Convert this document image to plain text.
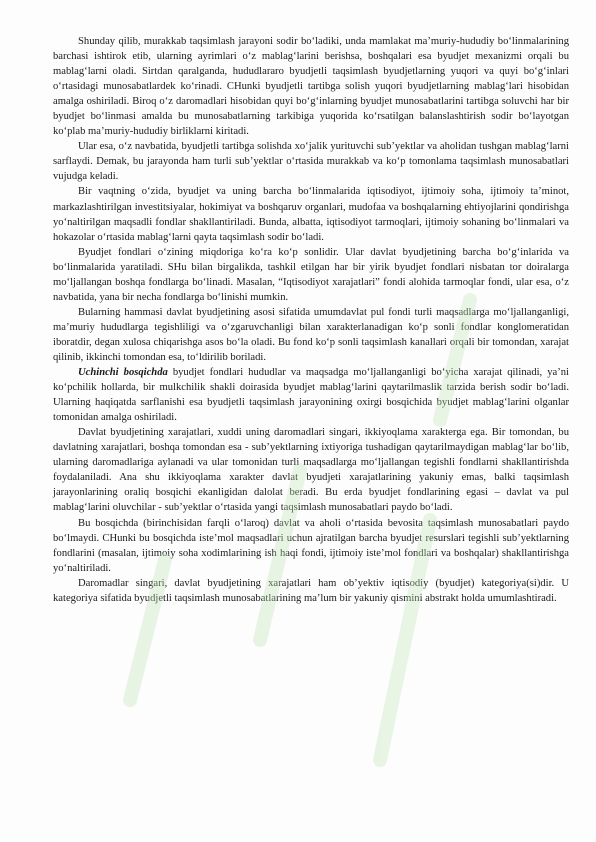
Shunday qilib, murakkab taqsimlash jarayoni sodir bo‘ladiki, unda mamlakat ma’muriy-hududiy bo‘linmalarining barchasi ishtirok etib, ularning ayrimlari o‘z mablag‘larini berishsa, boshqalari esa byudjet mexanizmi orqali bu mablag‘larni oladi. Sirtdan qaralganda, hududlararo byudjetli taqsimlash byudjetlarning yuqori va quyi bo‘g‘inlari o‘rtasidagi munosabatlardek ko‘rinadi. CHunki byudjetli tartibga solish yuqori byudjetlarning mablag‘lari hisobidan amalga oshiriladi. Biroq o‘z daromadlari hisobidan quyi bo‘g‘inlarning byudjet munosabatlarini tartibga soluvchi har bir byudjet bo‘linmasi amalda bu munosabatlarning tarkibiga yuqorida ko‘rsatilgan balanslashtirish sodir bo‘layotgan ko‘plab ma’muriy-hududiy birliklarni kiritadi.

Ular esa, o‘z navbatida, byudjetli tartibga solishda xo‘jalik yurituvchi sub’yektlar va aholidan tushgan mablag‘larni sarflaydi. Demak, bu jarayonda ham turli sub’yektlar o‘rtasida murakkab va ko‘p tomonlama taqsimlash munosabatlari vujudga keladi.

Bir vaqtning o‘zida, byudjet va uning barcha bo‘linmalarida iqtisodiyot, ijtimoiy soha, ijtimoiy ta’minot, markazlashtirilgan investitsiyalar, hokimiyat va boshqaruv organlari, mudofaa va boshqalarning ehtiyojlarini qondirishga yo‘naltirilgan maqsadli fondlar shakllantiriladi. Bunda, albatta, iqtisodiyot tarmoqlari, ijtimoiy sohaning bo‘linmalari va hokazolar o‘rtasida mablag‘larni qayta taqsimlash sodir bo‘ladi.

Byudjet fondlari o‘zining miqdoriga ko‘ra ko‘p sonlidir. Ular davlat byudjetining barcha bo‘g‘inlarida va bo‘linmalarida yaratiladi. SHu bilan birgalikda, tashkil etilgan har bir yirik byudjet fondlari nisbatan tor doiralarga mo‘ljallangan boshqa fondlarga bo‘linadi. Masalan, “Iqtisodiyot xarajatlari” fondi alohida tarmoqlar fondi, ular esa, o‘z navbatida, yana bir necha fondlarga bo‘linishi mumkin.

Bularning hammasi davlat byudjetining asosi sifatida umumdavlat pul fondi turli maqsadlarga mo‘ljallanganligi, ma’muriy hududlarga tegishliligi va o‘zgaruvchanligi bilan xarakterlanadigan ko‘p sonli fondlar konglomeratidan iboratdir, degan xulosa chiqarishga asos bo‘la oladi. Bu fond ko‘p sonli taqsimlash kanallari orqali bir tomondan, xarajat qilinib, ikkinchi tomondan esa, to‘ldirilib boriladi.

Uchinchi bosqichda byudjet fondlari hududlar va maqsadga mo‘ljallanganligi bo‘yicha xarajat qilinadi, ya’ni ko‘pchilik hollarda, bir mulkchilik shakli doirasida byudjet mablag‘larini qaytarilmaslik tarzida berish sodir bo‘ladi. Ularning haqiqatda sarflanishi esa byudjetli taqsimlash jarayonining oxirgi bosqichida byudjet mablag‘larini olganlar tomonidan amalga oshiriladi.

Davlat byudjetining xarajatlari, xuddi uning daromadlari singari, ikkiyoqlama xarakterga ega. Bir tomondan, bu davlatning xarajatlari, boshqa tomondan esa - sub’yektlarning ixtiyoriga tushadigan qaytarilmaydigan mablag‘lar bo‘lib, ularning daromadlariga aylanadi va ular tomonidan turli maqsadlarga mo‘ljallangan tegishli fondlarni shakllantirishda foydalaniladi. Ana shu ikkiyoqlama xarakter davlat byudjeti xarajatlarining yakuniy emas, balki taqsimlash jarayonlarining oraliq bosqichi ekanligidan dalolat beradi. Bu erda byudjet fondlarining egasi – davlat va pul mablag‘larini oluvchilar - sub’yektlar o‘rtasida yangi taqsimlash munosabatlari paydo bo‘ladi.

Bu bosqichda (birinchisidan farqli o‘laroq) davlat va aholi o‘rtasida bevosita taqsimlash munosabatlari paydo bo‘lmaydi. CHunki bu bosqichda iste’mol maqsadlari uchun ajratilgan barcha byudjet resurslari tegishli sub’yektlarning fondlarini (masalan, ijtimoiy soha xodimlarining ish haqi fondi, ijtimoiy iste’mol fondlari va boshqalar) shakllantirishga yo‘naltiriladi.

Daromadlar singari, davlat byudjetining xarajatlari ham ob’yektiv iqtisodiy (byudjet) kategoriya(si)dir. U kategoriya sifatida byudjetli taqsimlash munosabatlarining ma’lum bir yakuniy qismini abstrakt holda umumlashtiradi.
